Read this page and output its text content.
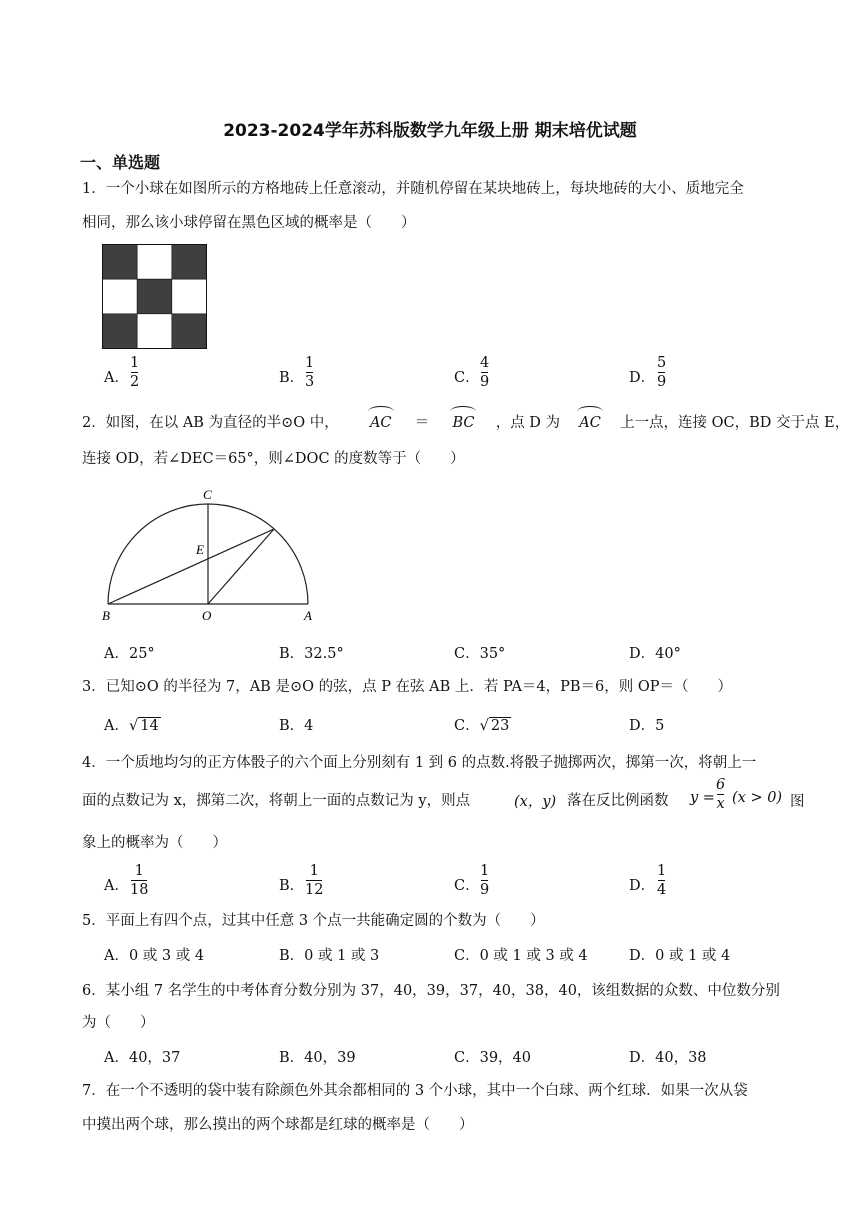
2023-2024学年苏科版数学九年级上册 期末培优试题
一、单选题
1．一个小球在如图所示的方格地砖上任意滚动，并随机停留在某块地砖上，每块地砖的大小、质地完全
相同，那么该小球停留在黑色区域的概率是（　　）
A．
1
2	B．
1
3	C．
4
9	D．
5
9
2．如图，在以 AB 为直径的半⊙O 中， AC ＝ BC ，点 D 为 AC 上一点，连接 OC，BD 交于点 E，
连接 OD，若∠DEC＝65°，则∠DOC 的度数等于（　　）
C
E
B	O	A
A．25°	B．32.5°	C．35°	D．40°
3．已知⊙O 的半径为 7，AB 是⊙O 的弦，点 P 在弦 AB 上．若 PA＝4，PB＝6，则 OP＝（　　）
A．√ 14	B．4	C．√ 23	D．5
4．一个质地均匀的正方体骰子的六个面上分别刻有 1 到 6 的点数.将骰子抛掷两次，掷第一次，将朝上一
面的点数记为 x，掷第二次，将朝上一面的点数记为 y，则点	(x，y) 落在反比例函数 y =
6
x (x > 0) 图
象上的概率为（　　）
A．
1
18	B．
1
12	C．
1
9	D．
1
4
5．平面上有四个点，过其中任意 3 个点一共能确定圆的个数为（　　）
A．0 或 3 或 4	B．0 或 1 或 3	C．0 或 1 或 3 或 4	D．0 或 1 或 4
6．某小组 7 名学生的中考体育分数分别为 37，40，39，37，40，38，40，该组数据的众数、中位数分别
为（　　）
A．40，37	B．40，39	C．39，40	D．40，38
7．在一个不透明的袋中装有除颜色外其余都相同的 3 个小球，其中一个白球、两个红球．如果一次从袋
中摸出两个球，那么摸出的两个球都是红球的概率是（　　）
